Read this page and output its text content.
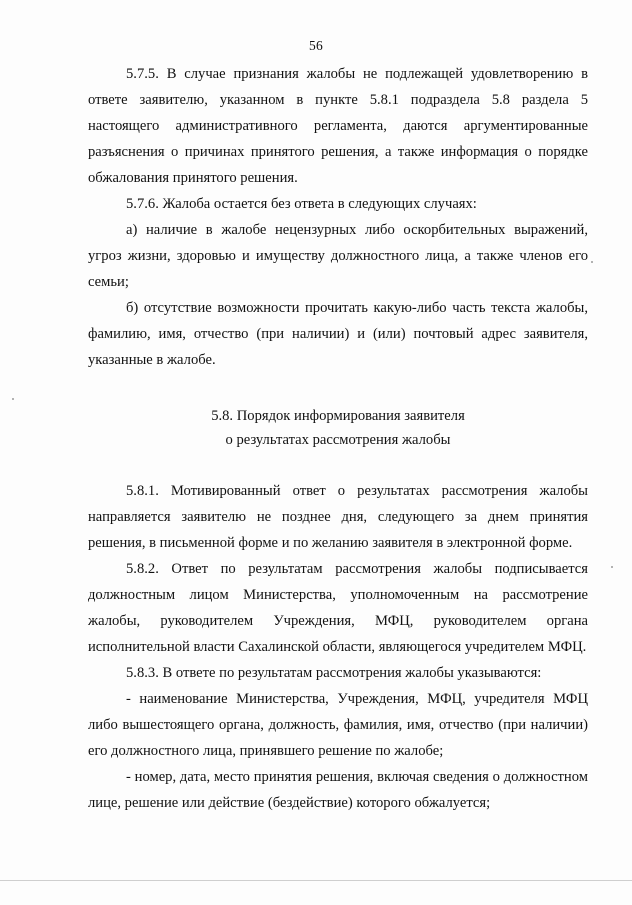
56

5.7.5. В случае признания жалобы не подлежащей удовлетворению в ответе заявителю, указанном в пункте 5.8.1 подраздела 5.8 раздела 5 настоящего административного регламента, даются аргументированные разъяснения о причинах принятого решения, а также информация о порядке обжалования принятого решения.

5.7.6. Жалоба остается без ответа в следующих случаях:

а) наличие в жалобе нецензурных либо оскорбительных выражений, угроз жизни, здоровью и имуществу должностного лица, а также членов его семьи;

б) отсутствие возможности прочитать какую-либо часть текста жалобы, фамилию, имя, отчество (при наличии) и (или) почтовый адрес заявителя, указанные в жалобе.

5.8. Порядок информирования заявителя
о результатах рассмотрения жалобы

5.8.1. Мотивированный ответ о результатах рассмотрения жалобы направляется заявителю не позднее дня, следующего за днем принятия решения, в письменной форме и по желанию заявителя в электронной форме.

5.8.2. Ответ по результатам рассмотрения жалобы подписывается должностным лицом Министерства, уполномоченным на рассмотрение жалобы, руководителем Учреждения, МФЦ, руководителем органа исполнительной власти Сахалинской области, являющегося учредителем МФЦ.

5.8.3. В ответе по результатам рассмотрения жалобы указываются:

- наименование Министерства, Учреждения, МФЦ, учредителя МФЦ либо вышестоящего органа, должность, фамилия, имя, отчество (при наличии) его должностного лица, принявшего решение по жалобе;

- номер, дата, место принятия решения, включая сведения о должностном лице, решение или действие (бездействие) которого обжалуется;
